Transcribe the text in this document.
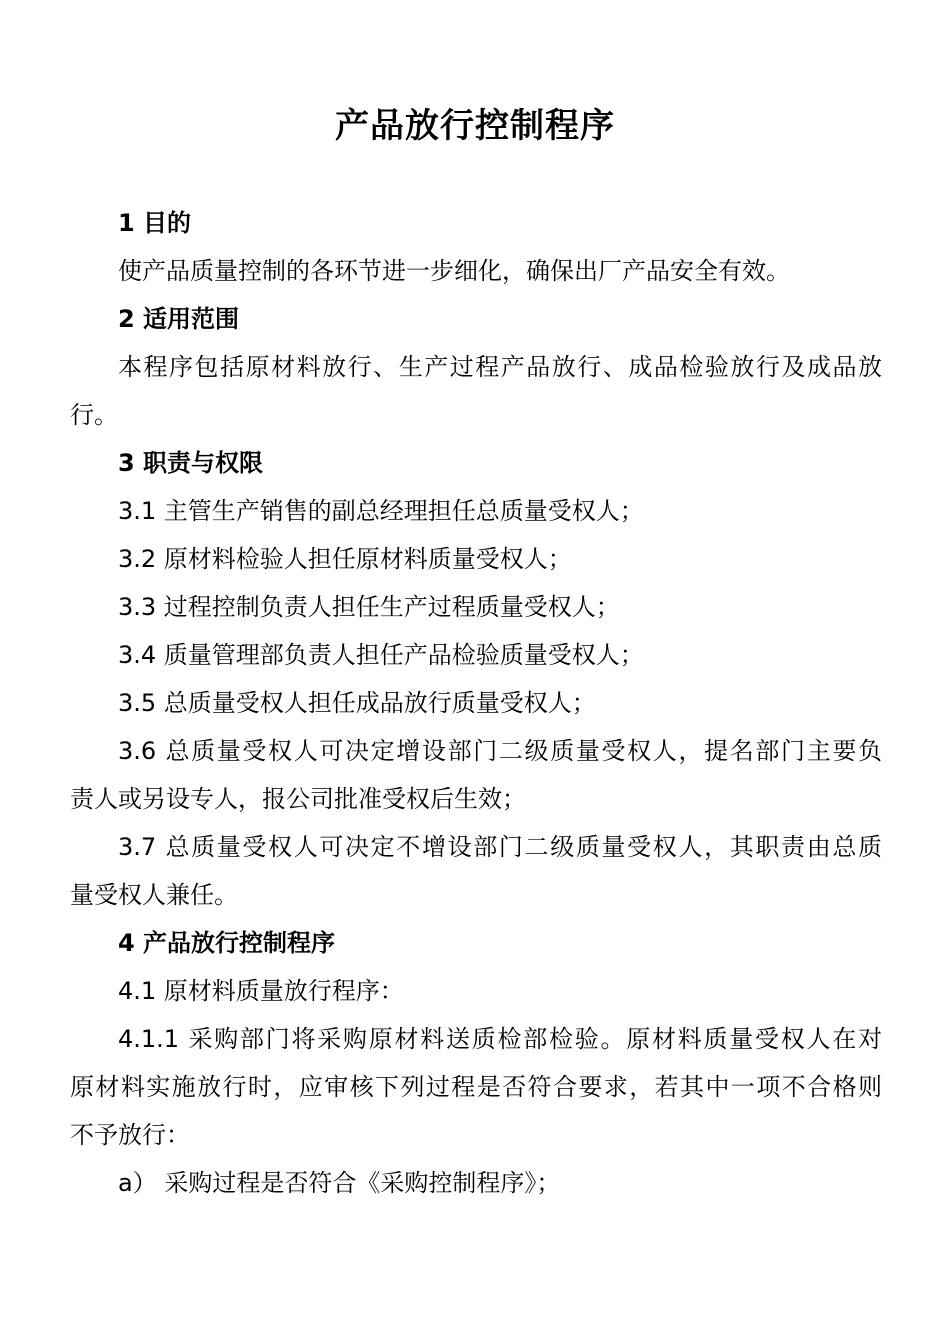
产品放行控制程序
1 目的
使产品质量控制的各环节进一步细化，确保出厂产品安全有效。
2 适用范围
本程序包括原材料放行、生产过程产品放行、成品检验放行及成品放
行。
3 职责与权限
3.1 主管生产销售的副总经理担任总质量受权人；
3.2 原材料检验人担任原材料质量受权人；
3.3 过程控制负责人担任生产过程质量受权人；
3.4 质量管理部负责人担任产品检验质量受权人；
3.5 总质量受权人担任成品放行质量受权人；
3.6 总质量受权人可决定增设部门二级质量受权人，提名部门主要负
责人或另设专人，报公司批准受权后生效；
3.7 总质量受权人可决定不增设部门二级质量受权人，其职责由总质
量受权人兼任。
4 产品放行控制程序
4.1 原材料质量放行程序：
4.1.1 采购部门将采购原材料送质检部检验。原材料质量受权人在对
原材料实施放行时，应审核下列过程是否符合要求，若其中一项不合格则
不予放行：
a） 采购过程是否符合《采购控制程序》；
